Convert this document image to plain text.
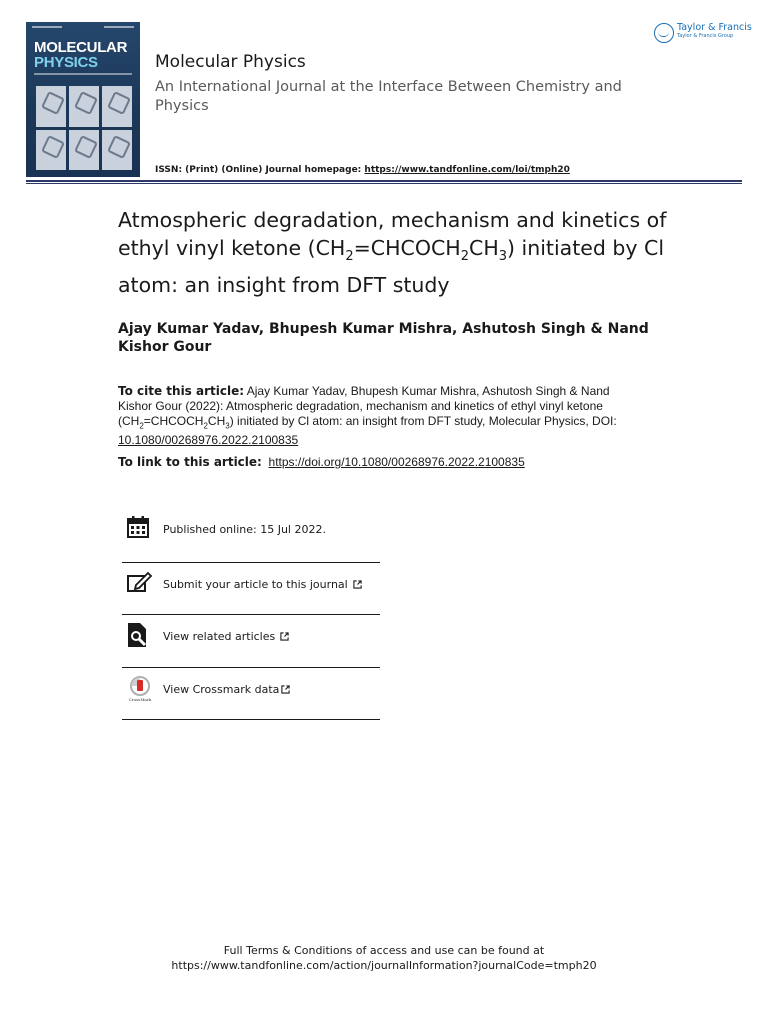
MOLECULAR
PHYSICS	Molecular Physics
An International Journal at the Interface Between Chemistry and Physics
ISSN: (Print) (Online) Journal homepage: https://www.tandfonline.com/loi/tmph20
Taylor & Francis
Taylor & Francis Group
Atmospheric degradation, mechanism and kinetics of ethyl vinyl ketone $(CH_2=CHCOCH_2CH_3)$ initiated by Cl atom: an insight from DFT study
Ajay Kumar Yadav, Bhupesh Kumar Mishra, Ashutosh Singh & Nand Kishor Gour
To cite this article: Ajay Kumar Yadav, Bhupesh Kumar Mishra, Ashutosh Singh & Nand Kishor Gour (2022): Atmospheric degradation, mechanism and kinetics of ethyl vinyl ketone $(CH_2=CHCOCH_2CH_3)$ initiated by Cl atom: an insight from DFT study, Molecular Physics, DOI: 10.1080/00268976.2022.2100835
To link to this article: https://doi.org/10.1080/00268976.2022.2100835
Published online: 15 Jul 2022.
Submit your article to this journal
View related articles
CrossMark
View Crossmark data
Full Terms & Conditions of access and use can be found at
https://www.tandfonline.com/action/journalInformation?journalCode=tmph20
